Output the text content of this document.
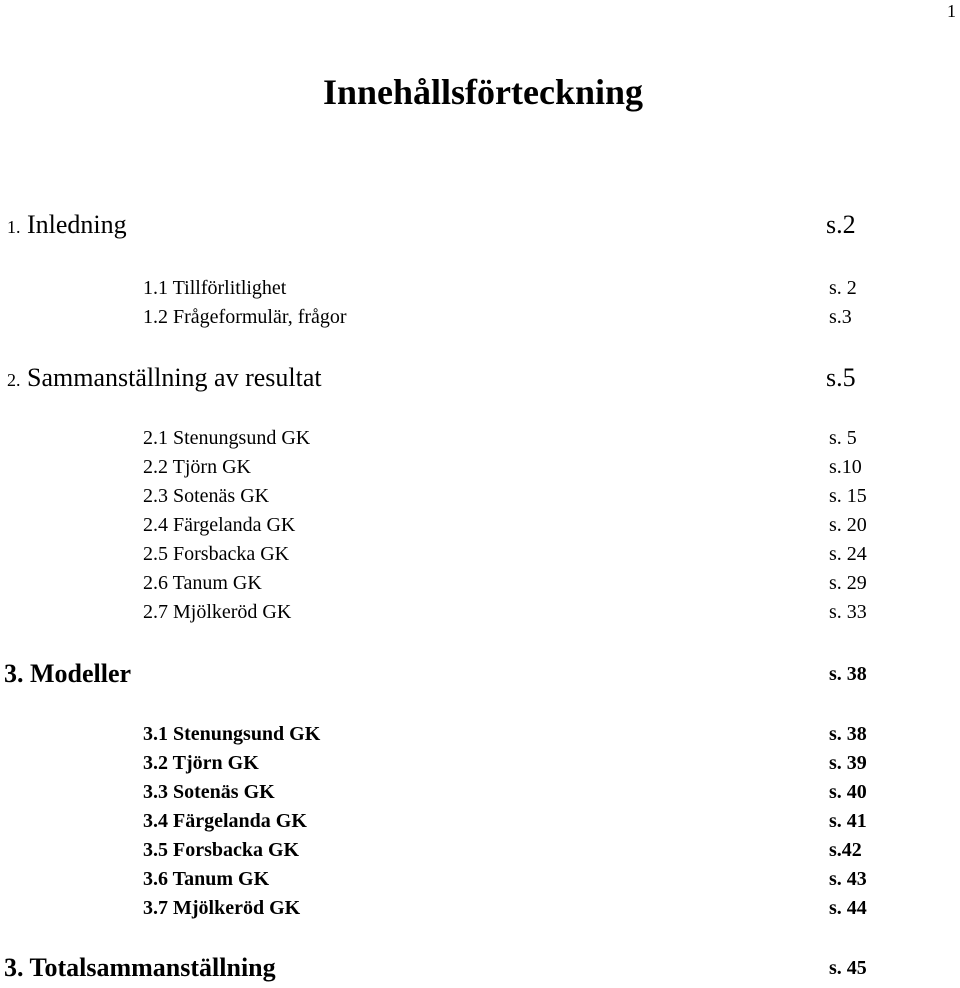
1
Innehållsförteckning
1. Inledning	s.2
1.1 Tillförlitlighet	s. 2
1.2 Frågeformulär, frågor	s.3
2. Sammanställning av resultat	s.5
2.1 Stenungsund GK	s. 5
2.2 Tjörn GK	s.10
2.3 Sotenäs GK	s. 15
2.4 Färgelanda GK	s. 20
2.5 Forsbacka GK	s. 24
2.6 Tanum GK	s. 29
2.7 Mjölkeröd GK	s. 33
3. Modeller	s. 38
3.1 Stenungsund GK	s. 38
3.2 Tjörn GK	s. 39
3.3 Sotenäs GK	s. 40
3.4 Färgelanda GK	s. 41
3.5 Forsbacka GK	s.42
3.6 Tanum GK	s. 43
3.7 Mjölkeröd GK	s. 44
3. Totalsammanställning	s. 45
